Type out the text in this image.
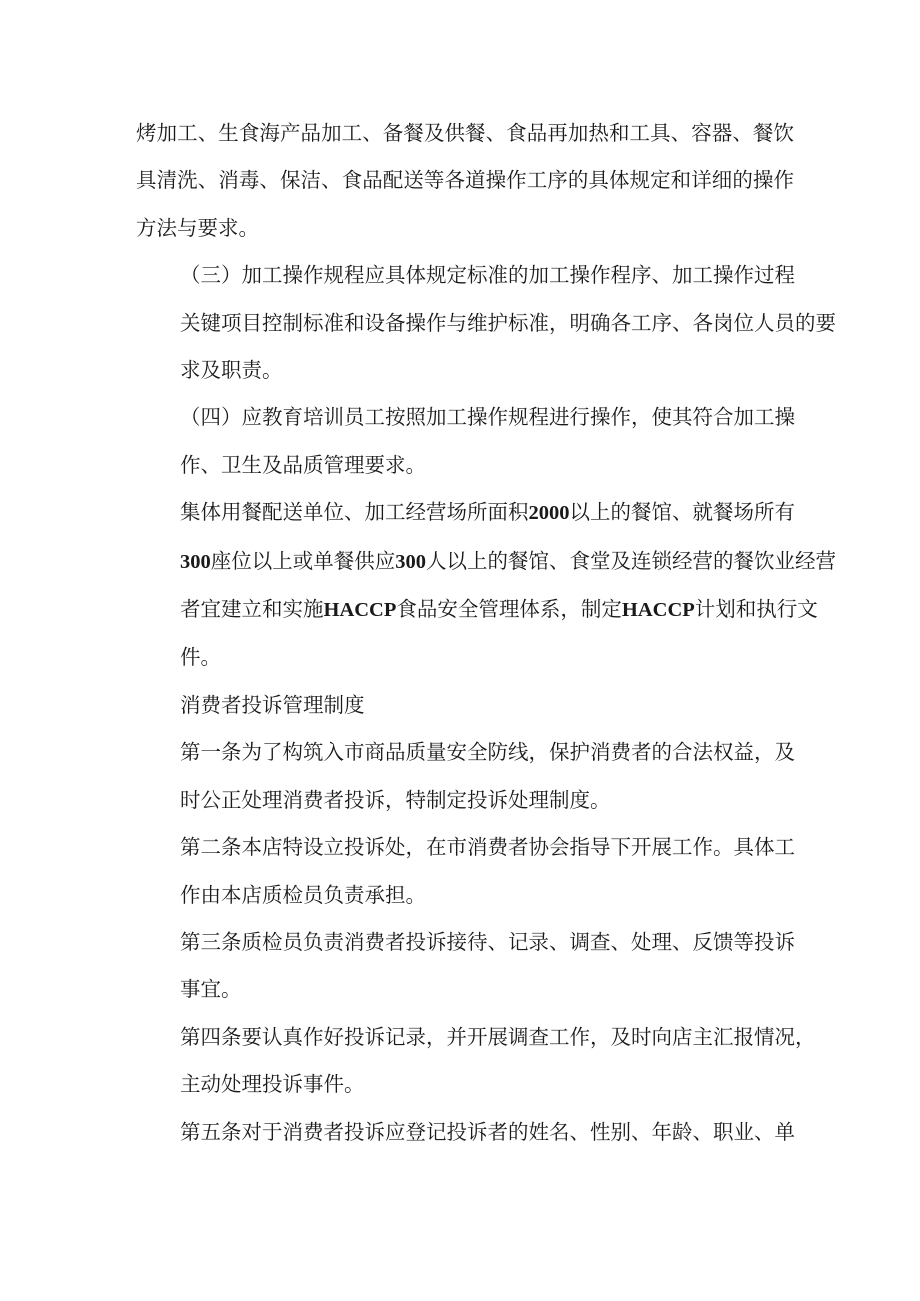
烤加工、生食海产品加工、备餐及供餐、食品再加热和工具、容器、餐饮
具清洗、消毒、保洁、食品配送等各道操作工序的具体规定和详细的操作
方法与要求。
（三）加工操作规程应具体规定标准的加工操作程序、加工操作过程
关键项目控制标准和设备操作与维护标准，明确各工序、各岗位人员的要
求及职责。
（四）应教育培训员工按照加工操作规程进行操作，使其符合加工操
作、卫生及品质管理要求。
集体用餐配送单位、加工经营场所面积2000以上的餐馆、就餐场所有
300座位以上或单餐供应300人以上的餐馆、食堂及连锁经营的餐饮业经营
者宜建立和实施HACCP食品安全管理体系，制定HACCP计划和执行文
件。
消费者投诉管理制度
第一条为了构筑入市商品质量安全防线，保护消费者的合法权益，及
时公正处理消费者投诉，特制定投诉处理制度。
第二条本店特设立投诉处，在市消费者协会指导下开展工作。具体工
作由本店质检员负责承担。
第三条质检员负责消费者投诉接待、记录、调查、处理、反馈等投诉
事宜。
第四条要认真作好投诉记录，并开展调查工作，及时向店主汇报情况，
主动处理投诉事件。
第五条对于消费者投诉应登记投诉者的姓名、性别、年龄、职业、单
